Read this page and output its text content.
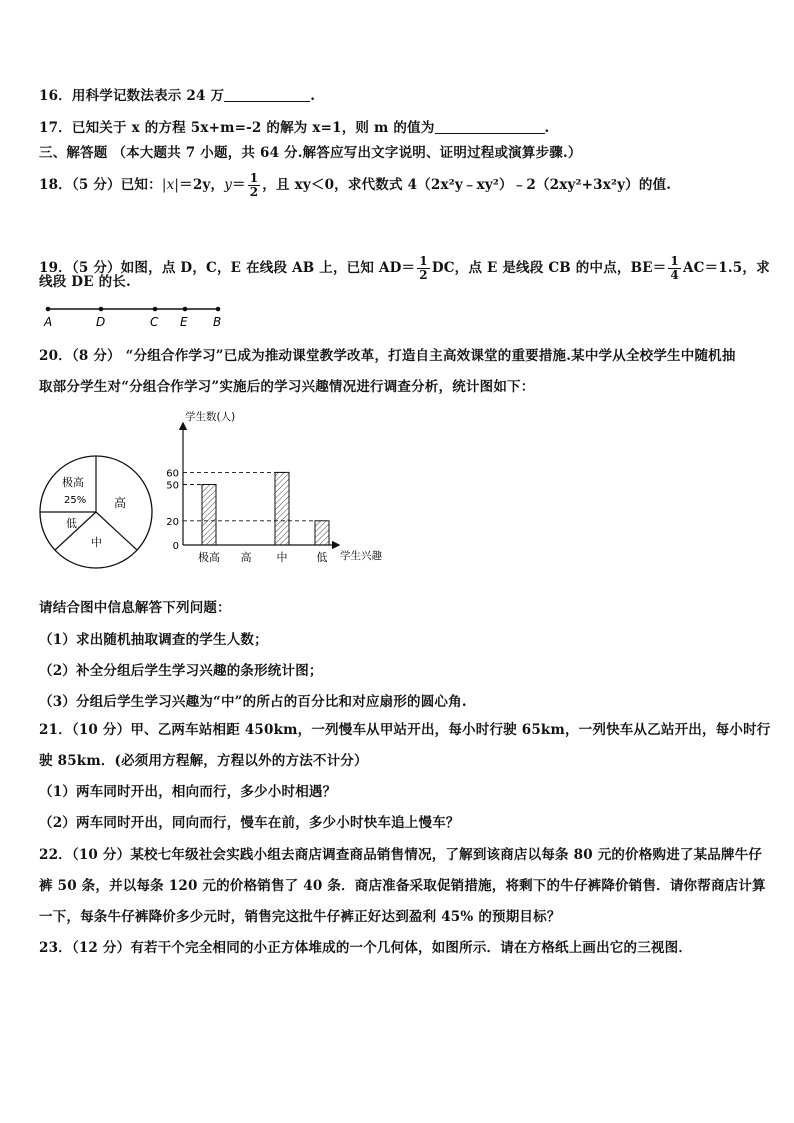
16．用科学记数法表示 24 万	.
17．已知关于 x 的方程 5x+m=-2 的解为 x=1，则 m 的值为	.
三、解答题 （本大题共 7 小题，共 64 分.解答应写出文字说明、证明过程或演算步骤.）
18．（5 分）已知：|x|＝2y，$y= \frac{1}{2}$ ，且 xy＜0，求代数式 4（2x²y﹣xy²）﹣2（2xy²+3x²y）的值.
19．（5 分）如图，点 D，C，E 在线段 AB 上，已知 $AD= \frac{1}{2}$ DC，点 E 是线段 CB 的中点，$BE= \frac{1}{4} AC=1.5$，求
线段 DE 的长.
A	D	C E B
20．（8 分） “分组合作学习”已成为推动课堂教学改革，打造自主高效课堂的重要措施.某中学从全校学生中随机抽
取部分学生对“分组合作学习”实施后的学习兴趣情况进行调查分析，统计图如下：
极高
25% 高
低
中
学生数(人)
学生兴趣
0
20
50
60
极高 高 中	低
请结合图中信息解答下列问题：
（1）求出随机抽取调查的学生人数；
（2）补全分组后学生学习兴趣的条形统计图；
（3）分组后学生学习兴趣为“中”的所占的百分比和对应扇形的圆心角.
21．（10 分）甲、乙两车站相距 450km，一列慢车从甲站开出，每小时行驶 65km，一列快车从乙站开出，每小时行
驶 85km．(必须用方程解，方程以外的方法不计分）
（1）两车同时开出，相向而行，多少小时相遇？
（2）两车同时开出，同向而行，慢车在前，多少小时快车追上慢车？
22．（10 分）某校七年级社会实践小组去商店调查商品销售情况，了解到该商店以每条 80 元的价格购进了某品牌牛仔
裤 50 条，并以每条 120 元的价格销售了 40 条．商店准备采取促销措施，将剩下的牛仔裤降价销售．请你帮商店计算
一下，每条牛仔裤降价多少元时，销售完这批牛仔裤正好达到盈利 45% 的预期目标？
23．（12 分）有若干个完全相同的小正方体堆成的一个几何体，如图所示．请在方格纸上画出它的三视图．
